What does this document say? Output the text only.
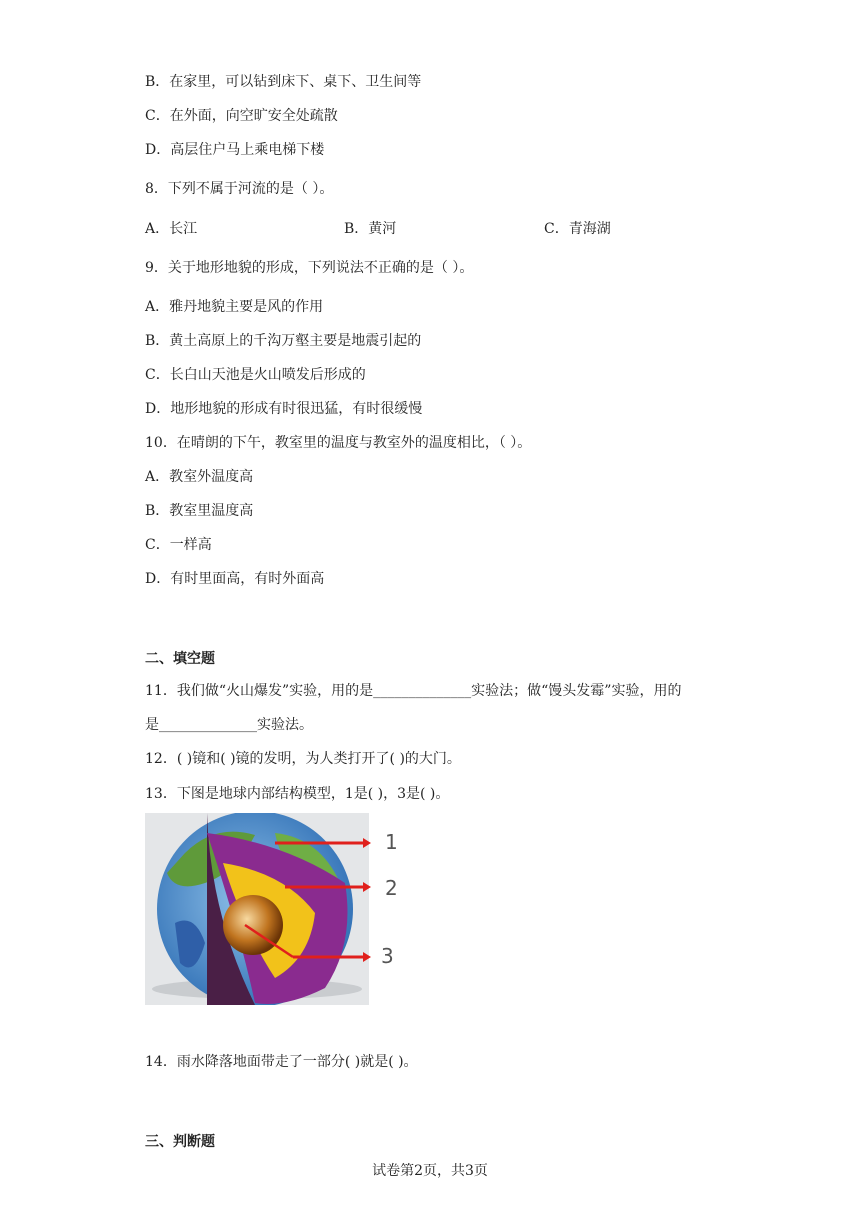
B．在家里，可以钻到床下、桌下、卫生间等
C．在外面，向空旷安全处疏散
D．高层住户马上乘电梯下楼
8．下列不属于河流的是（ ）。
A．长江	B．黄河	C．青海湖
9．关于地形地貌的形成，下列说法不正确的是（ ）。
A．雅丹地貌主要是风的作用
B．黄土高原上的千沟万壑主要是地震引起的
C．长白山天池是火山喷发后形成的
D．地形地貌的形成有时很迅猛，有时很缓慢
10．在晴朗的下午，教室里的温度与教室外的温度相比，（ ）。
A．教室外温度高
B．教室里温度高
C．一样高
D．有时里面高，有时外面高
二、填空题
11．我们做“火山爆发”实验，用的是______________实验法；做“馒头发霉”实验，用的
是______________实验法。
12．( )镜和( )镜的发明，为人类打开了( )的大门。
13．下图是地球内部结构模型，1是( )，3是( )。
1
2
3
14．雨水降落地面带走了一部分( )就是( )。
三、判断题
试卷第2页，共3页
